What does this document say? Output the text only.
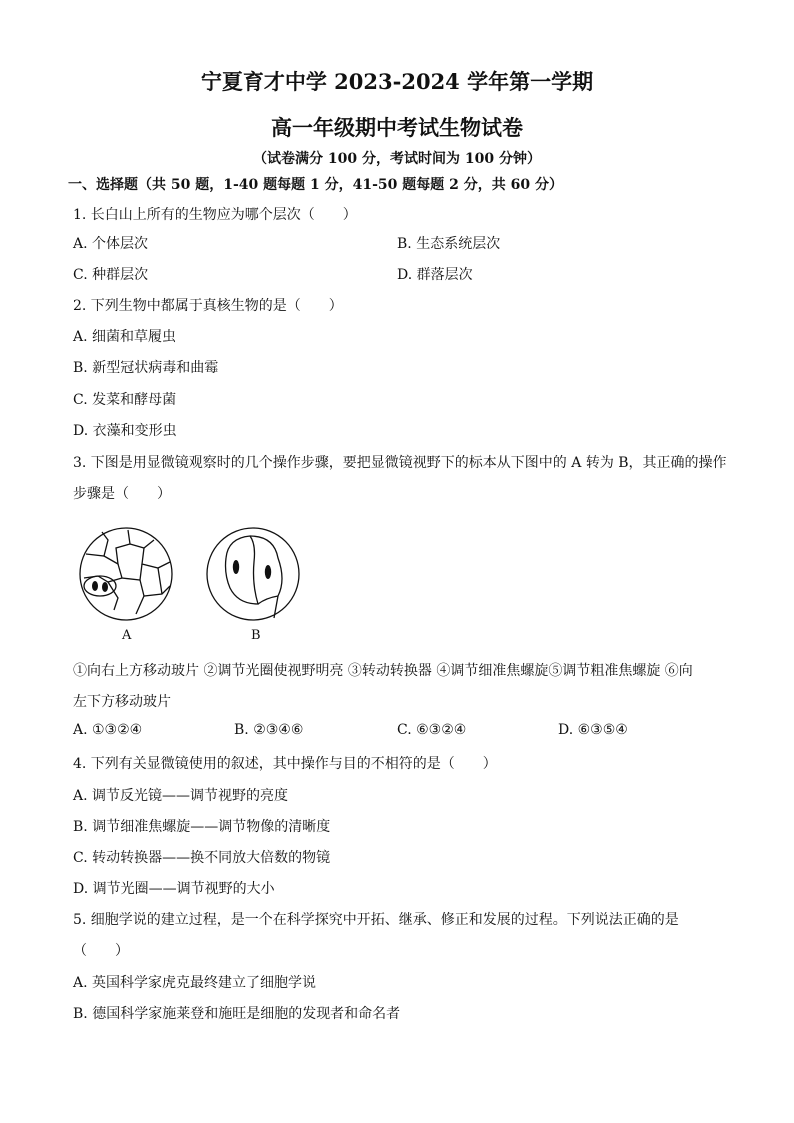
宁夏育才中学 2023-2024 学年第一学期
高一年级期中考试生物试卷
（试卷满分 100 分，考试时间为 100 分钟）
一、选择题（共 50 题，1-40 题每题 1 分，41-50 题每题 2 分，共 60 分）
1. 长白山上所有的生物应为哪个层次（　　）
A. 个体层次	B. 生态系统层次
C. 种群层次	D. 群落层次
2. 下列生物中都属于真核生物的是（　　）
A. 细菌和草履虫
B. 新型冠状病毒和曲霉
C. 发菜和酵母菌
D. 衣藻和变形虫
3. 下图是用显微镜观察时的几个操作步骤，要把显微镜视野下的标本从下图中的 A 转为 B，其正确的操作
步骤是（　　）
A	B
①向右上方移动玻片 ②调节光圈使视野明亮 ③转动转换器 ④调节细准焦螺旋⑤调节粗准焦螺旋 ⑥向
左下方移动玻片
A. ①③②④	B. ②③④⑥	C. ⑥③②④	D. ⑥③⑤④
4. 下列有关显微镜使用的叙述，其中操作与目的不相符的是（　　）
A. 调节反光镜——调节视野的亮度
B. 调节细准焦螺旋——调节物像的清晰度
C. 转动转换器——换不同放大倍数的物镜
D. 调节光圈——调节视野的大小
5. 细胞学说的建立过程，是一个在科学探究中开拓、继承、修正和发展的过程。下列说法正确的是
（　　）
A. 英国科学家虎克最终建立了细胞学说
B. 德国科学家施莱登和施旺是细胞的发现者和命名者
